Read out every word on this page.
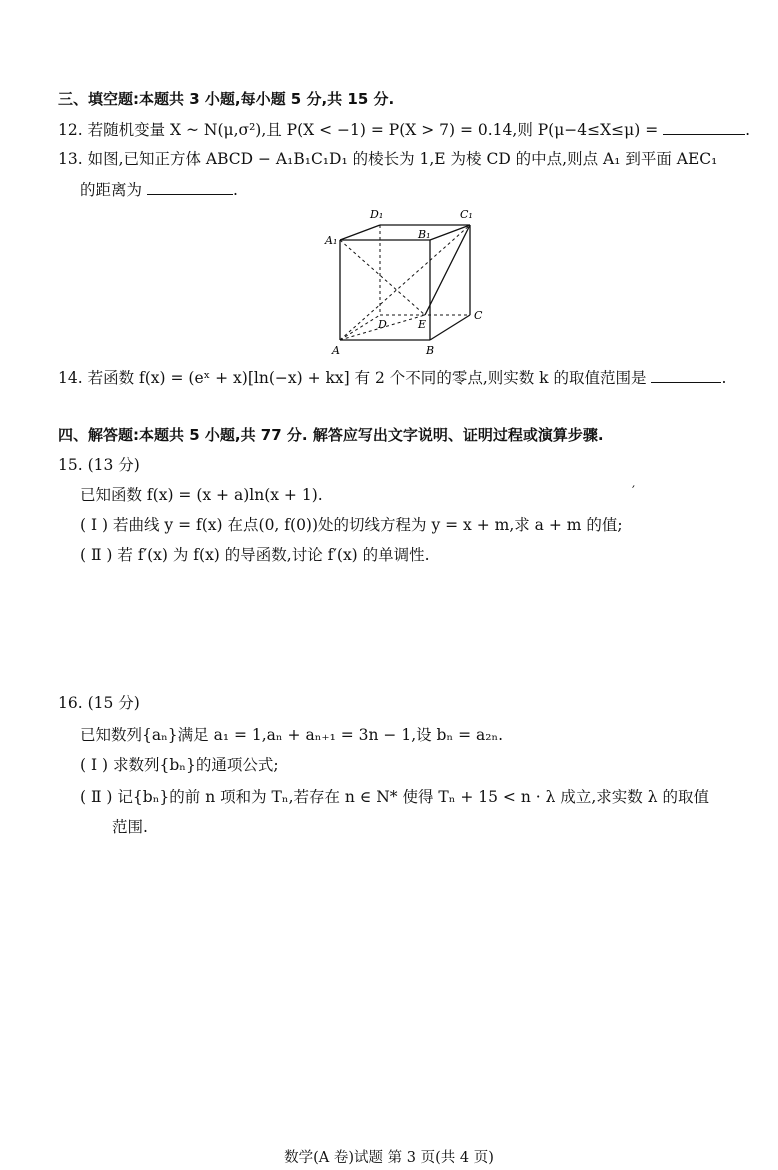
三、填空题:本题共 3 小题,每小题 5 分,共 15 分.
12. 若随机变量 X ~ N(μ,σ²),且 P(X < −1) = P(X > 7) = 0.14,则 P(μ−4≤X≤μ) =	.
13. 如图,已知正方体 ABCD − A₁B₁C₁D₁ 的棱长为 1,E 为棱 CD 的中点,则点 A₁ 到平面 AEC₁
的距离为	.
D₁	C₁
A₁	B₁
D	E
C
A	B
14. 若函数 f(x) = (eˣ + x)[ln(−x) + kx] 有 2 个不同的零点,则实数 k 的取值范围是	.
四、解答题:本题共 5 小题,共 77 分. 解答应写出文字说明、证明过程或演算步骤.
15. (13 分)
已知函数 f(x) = (x + a)ln(x + 1).	′
( Ⅰ ) 若曲线 y = f(x) 在点(0, f(0))处的切线方程为 y = x + m,求 a + m 的值;
( Ⅱ ) 若 f′(x) 为 f(x) 的导函数,讨论 f′(x) 的单调性.
16. (15 分)
已知数列{aₙ}满足 a₁ = 1,aₙ + aₙ₊₁ = 3n − 1,设 bₙ = a₂ₙ.
( Ⅰ ) 求数列{bₙ}的通项公式;
( Ⅱ ) 记{bₙ}的前 n 项和为 Tₙ,若存在 n ∈ N* 使得 Tₙ + 15 < n · λ 成立,求实数 λ 的取值
范围.
数学(A 卷)试题 第 3 页(共 4 页)
